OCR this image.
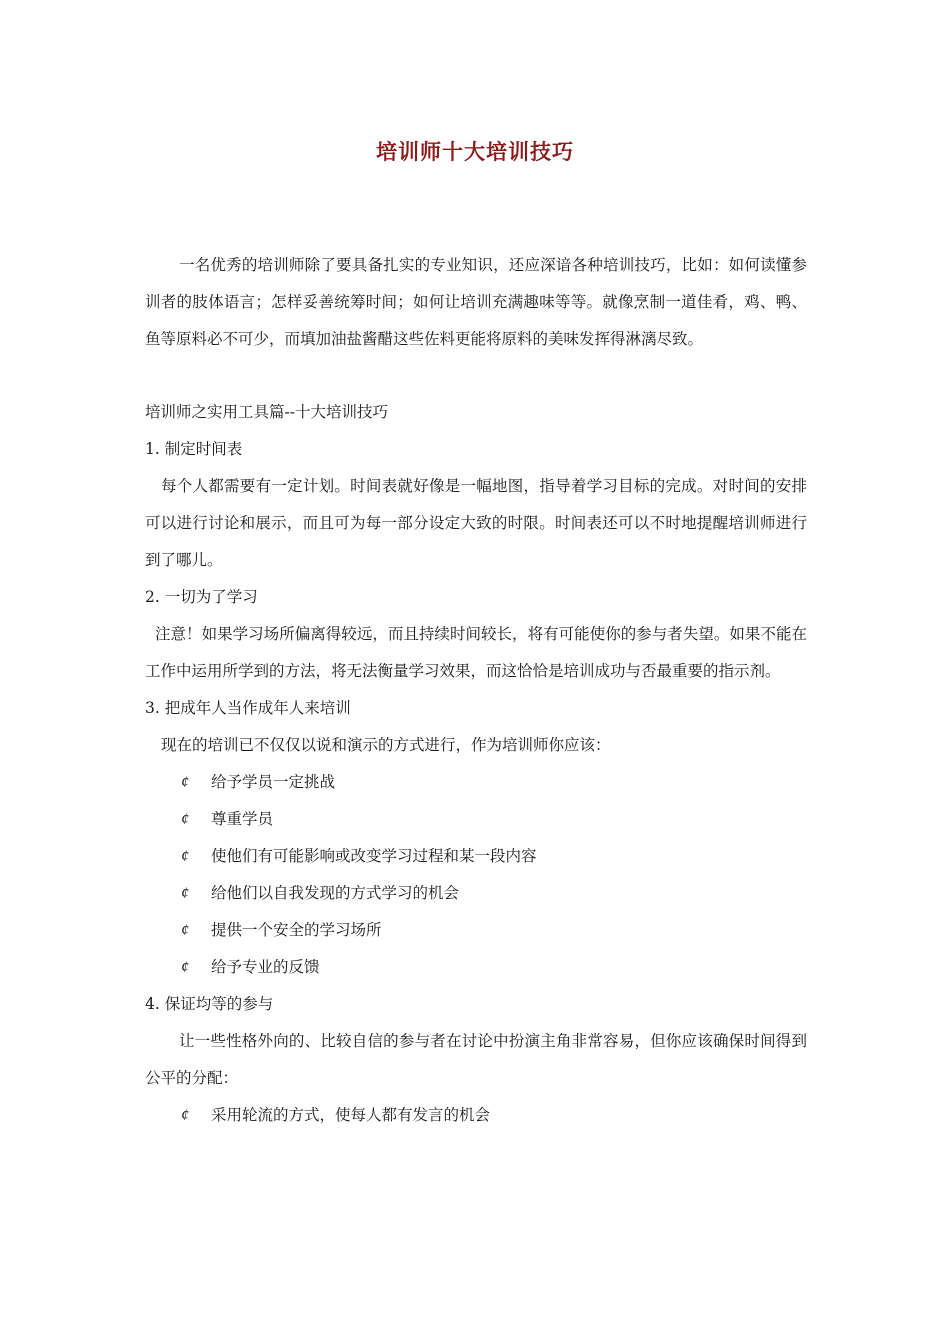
培训师十大培训技巧

一名优秀的培训师除了要具备扎实的专业知识，还应深谙各种培训技巧，比如：如何读懂参训者的肢体语言；怎样妥善统筹时间；如何让培训充满趣味等等。就像烹制一道佳肴，鸡、鸭、鱼等原料必不可少，而填加油盐酱醋这些佐料更能将原料的美味发挥得淋漓尽致。

培训师之实用工具篇--十大培训技巧

1. 制定时间表

每个人都需要有一定计划。时间表就好像是一幅地图，指导着学习目标的完成。对时间的安排可以进行讨论和展示，而且可为每一部分设定大致的时限。时间表还可以不时地提醒培训师进行到了哪儿。

2. 一切为了学习

注意！如果学习场所偏离得较远，而且持续时间较长，将有可能使你的参与者失望。如果不能在工作中运用所学到的方法，将无法衡量学习效果，而这恰恰是培训成功与否最重要的指示剂。

3. 把成年人当作成年人来培训

现在的培训已不仅仅以说和演示的方式进行，作为培训师你应该：

¢ 给予学员一定挑战
¢ 尊重学员
¢ 使他们有可能影响或改变学习过程和某一段内容
¢ 给他们以自我发现的方式学习的机会
¢ 提供一个安全的学习场所
¢ 给予专业的反馈

4. 保证均等的参与

让一些性格外向的、比较自信的参与者在讨论中扮演主角非常容易，但你应该确保时间得到公平的分配：

¢ 采用轮流的方式，使每人都有发言的机会
